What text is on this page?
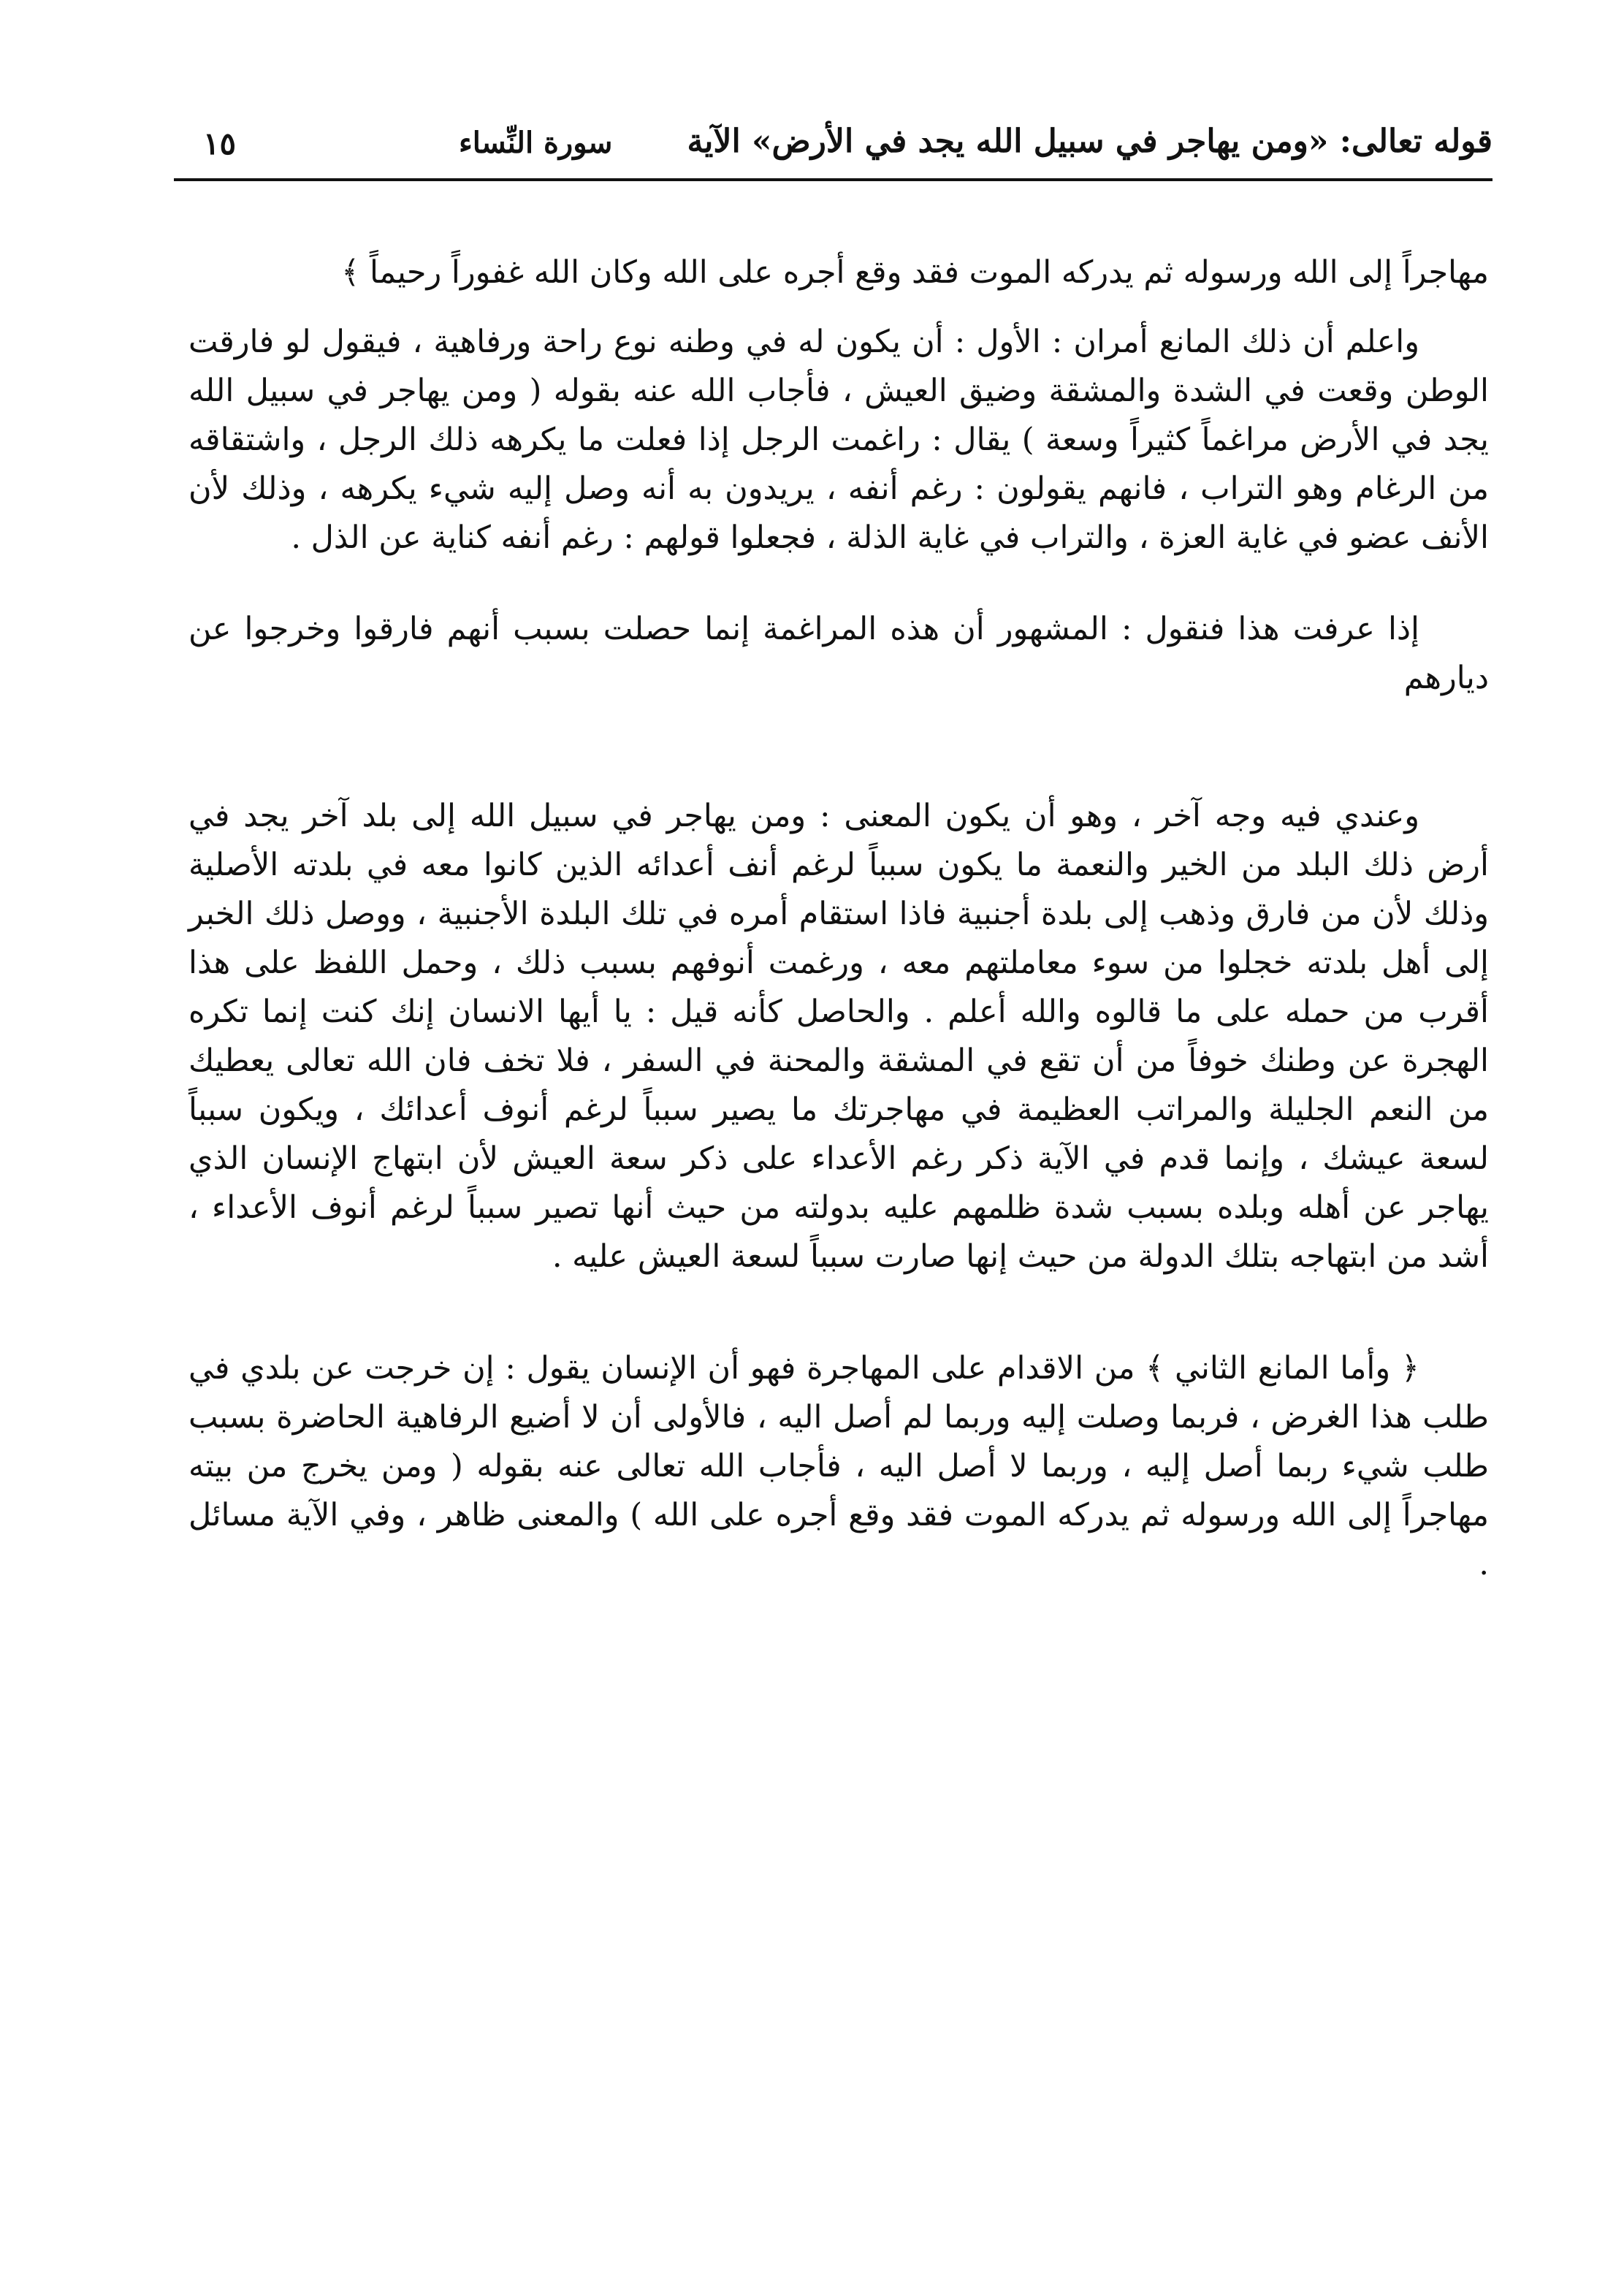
قوله تعالى: «ومن يهاجر في سبيل الله يجد في الأرض» الآية
سورة النِّساء
١٥

مهاجراً إلى الله ورسوله ثم يدركه الموت فقد وقع أجره على الله وكان الله غفوراً رحيماً ﴾

واعلم أن ذلك المانع أمران : الأول : أن يكون له في وطنه نوع راحة ورفاهية ، فيقول لو فارقت الوطن وقعت في الشدة والمشقة وضيق العيش ، فأجاب الله عنه بقوله ( ومن يهاجر في سبيل الله يجد في الأرض مراغماً كثيراً وسعة ) يقال : راغمت الرجل إذا فعلت ما يكرهه ذلك الرجل ، واشتقاقه من الرغام وهو التراب ، فانهم يقولون : رغم أنفه ، يريدون به أنه وصل إليه شيء يكرهه ، وذلك لأن الأنف عضو في غاية العزة ، والتراب في غاية الذلة ، فجعلوا قولهم : رغم أنفه كناية عن الذل .

إذا عرفت هذا فنقول : المشهور أن هذه المراغمة إنما حصلت بسبب أنهم فارقوا وخرجوا عن ديارهم

وعندي فيه وجه آخر ، وهو أن يكون المعنى : ومن يهاجر في سبيل الله إلى بلد آخر يجد في أرض ذلك البلد من الخير والنعمة ما يكون سبباً لرغم أنف أعدائه الذين كانوا معه في بلدته الأصلية وذلك لأن من فارق وذهب إلى بلدة أجنبية فاذا استقام أمره في تلك البلدة الأجنبية ، ووصل ذلك الخبر إلى أهل بلدته خجلوا من سوء معاملتهم معه ، ورغمت أنوفهم بسبب ذلك ، وحمل اللفظ على هذا أقرب من حمله على ما قالوه والله أعلم . والحاصل كأنه قيل : يا أيها الانسان إنك كنت إنما تكره الهجرة عن وطنك خوفاً من أن تقع في المشقة والمحنة في السفر ، فلا تخف فان الله تعالى يعطيك من النعم الجليلة والمراتب العظيمة في مهاجرتك ما يصير سبباً لرغم أنوف أعدائك ، ويكون سبباً لسعة عيشك ، وإنما قدم في الآية ذكر رغم الأعداء على ذكر سعة العيش لأن ابتهاج الإنسان الذي يهاجر عن أهله وبلده بسبب شدة ظلمهم عليه بدولته من حيث أنها تصير سبباً لرغم أنوف الأعداء ، أشد من ابتهاجه بتلك الدولة من حيث إنها صارت سبباً لسعة العيش عليه .

﴿ وأما المانع الثاني ﴾ من الاقدام على المهاجرة فهو أن الإنسان يقول : إن خرجت عن بلدي في طلب هذا الغرض ، فربما وصلت إليه وربما لم أصل اليه ، فالأولى أن لا أضيع الرفاهية الحاضرة بسبب طلب شيء ربما أصل إليه ، وربما لا أصل اليه ، فأجاب الله تعالى عنه بقوله ( ومن يخرج من بيته مهاجراً إلى الله ورسوله ثم يدركه الموت فقد وقع أجره على الله ) والمعنى ظاهر ، وفي الآية مسائل .
